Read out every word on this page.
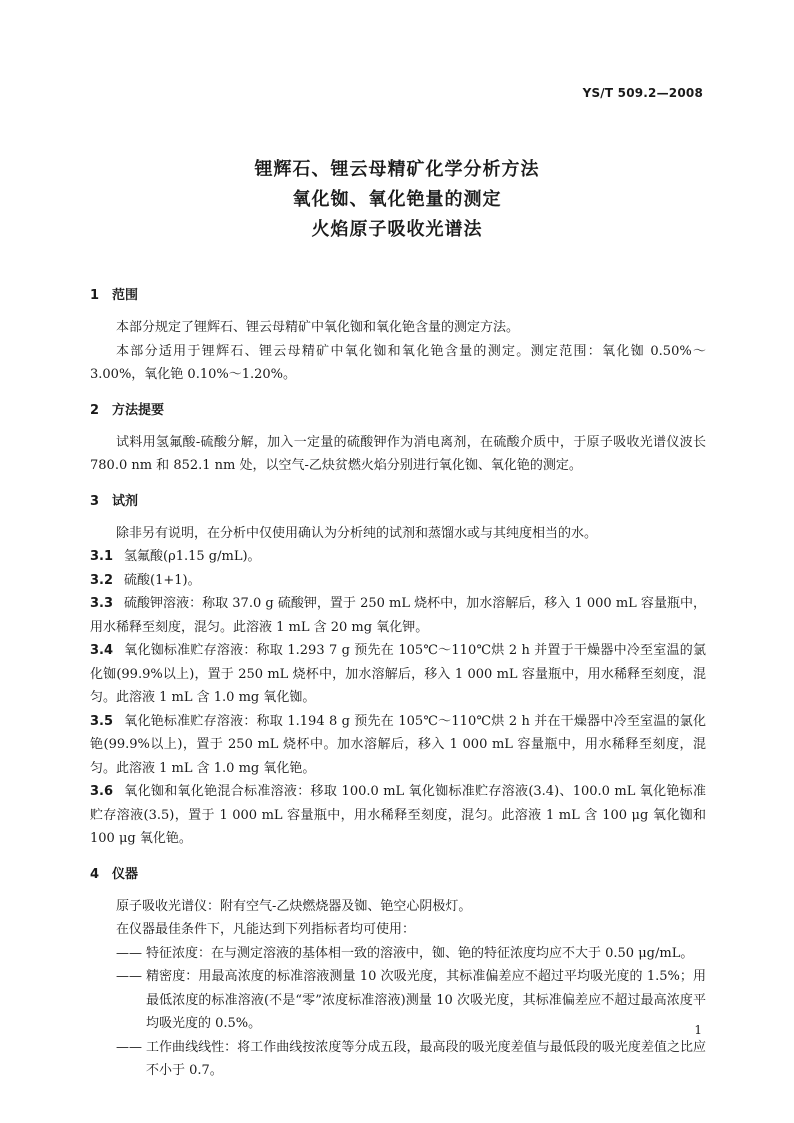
YS/T 509.2—2008
锂辉石、锂云母精矿化学分析方法
氧化铷、氧化铯量的测定
火焰原子吸收光谱法
1 范围

本部分规定了锂辉石、锂云母精矿中氧化铷和氧化铯含量的测定方法。

本部分适用于锂辉石、锂云母精矿中氧化铷和氧化铯含量的测定。测定范围：氧化铷 0.50%～3.00%，氧化铯 0.10%～1.20%。

2 方法提要

试料用氢氟酸-硫酸分解，加入一定量的硫酸钾作为消电离剂，在硫酸介质中，于原子吸收光谱仪波长 780.0 nm 和 852.1 nm 处，以空气-乙炔贫燃火焰分别进行氧化铷、氧化铯的测定。

3 试剂

除非另有说明，在分析中仅使用确认为分析纯的试剂和蒸馏水或与其纯度相当的水。

3.1 氢氟酸(ρ1.15 g/mL)。

3.2 硫酸(1+1)。

3.3 硫酸钾溶液：称取 37.0 g 硫酸钾，置于 250 mL 烧杯中，加水溶解后，移入 1 000 mL 容量瓶中，用水稀释至刻度，混匀。此溶液 1 mL 含 20 mg 氧化钾。

3.4 氧化铷标准贮存溶液：称取 1.293 7 g 预先在 105℃～110℃烘 2 h 并置于干燥器中冷至室温的氯化铷(99.9%以上)，置于 250 mL 烧杯中，加水溶解后，移入 1 000 mL 容量瓶中，用水稀释至刻度，混匀。此溶液 1 mL 含 1.0 mg 氧化铷。

3.5 氧化铯标准贮存溶液：称取 1.194 8 g 预先在 105℃～110℃烘 2 h 并在干燥器中冷至室温的氯化铯(99.9%以上)，置于 250 mL 烧杯中。加水溶解后，移入 1 000 mL 容量瓶中，用水稀释至刻度，混匀。此溶液 1 mL 含 1.0 mg 氧化铯。

3.6 氧化铷和氧化铯混合标准溶液：移取 100.0 mL 氧化铷标准贮存溶液(3.4)、100.0 mL 氧化铯标准贮存溶液(3.5)，置于 1 000 mL 容量瓶中，用水稀释至刻度，混匀。此溶液 1 mL 含 100 μg 氧化铷和 100 μg 氧化铯。

4 仪器

原子吸收光谱仪：附有空气-乙炔燃烧器及铷、铯空心阴极灯。

在仪器最佳条件下，凡能达到下列指标者均可使用：

—— 特征浓度：在与测定溶液的基体相一致的溶液中，铷、铯的特征浓度均应不大于 0.50 μg/mL。

—— 精密度：用最高浓度的标准溶液测量 10 次吸光度，其标准偏差应不超过平均吸光度的 1.5%；用最低浓度的标准溶液(不是“零”浓度标准溶液)测量 10 次吸光度，其标准偏差应不超过最高浓度平均吸光度的 0.5%。

—— 工作曲线线性：将工作曲线按浓度等分成五段，最高段的吸光度差值与最低段的吸光度差值之比应不小于 0.7。

1
